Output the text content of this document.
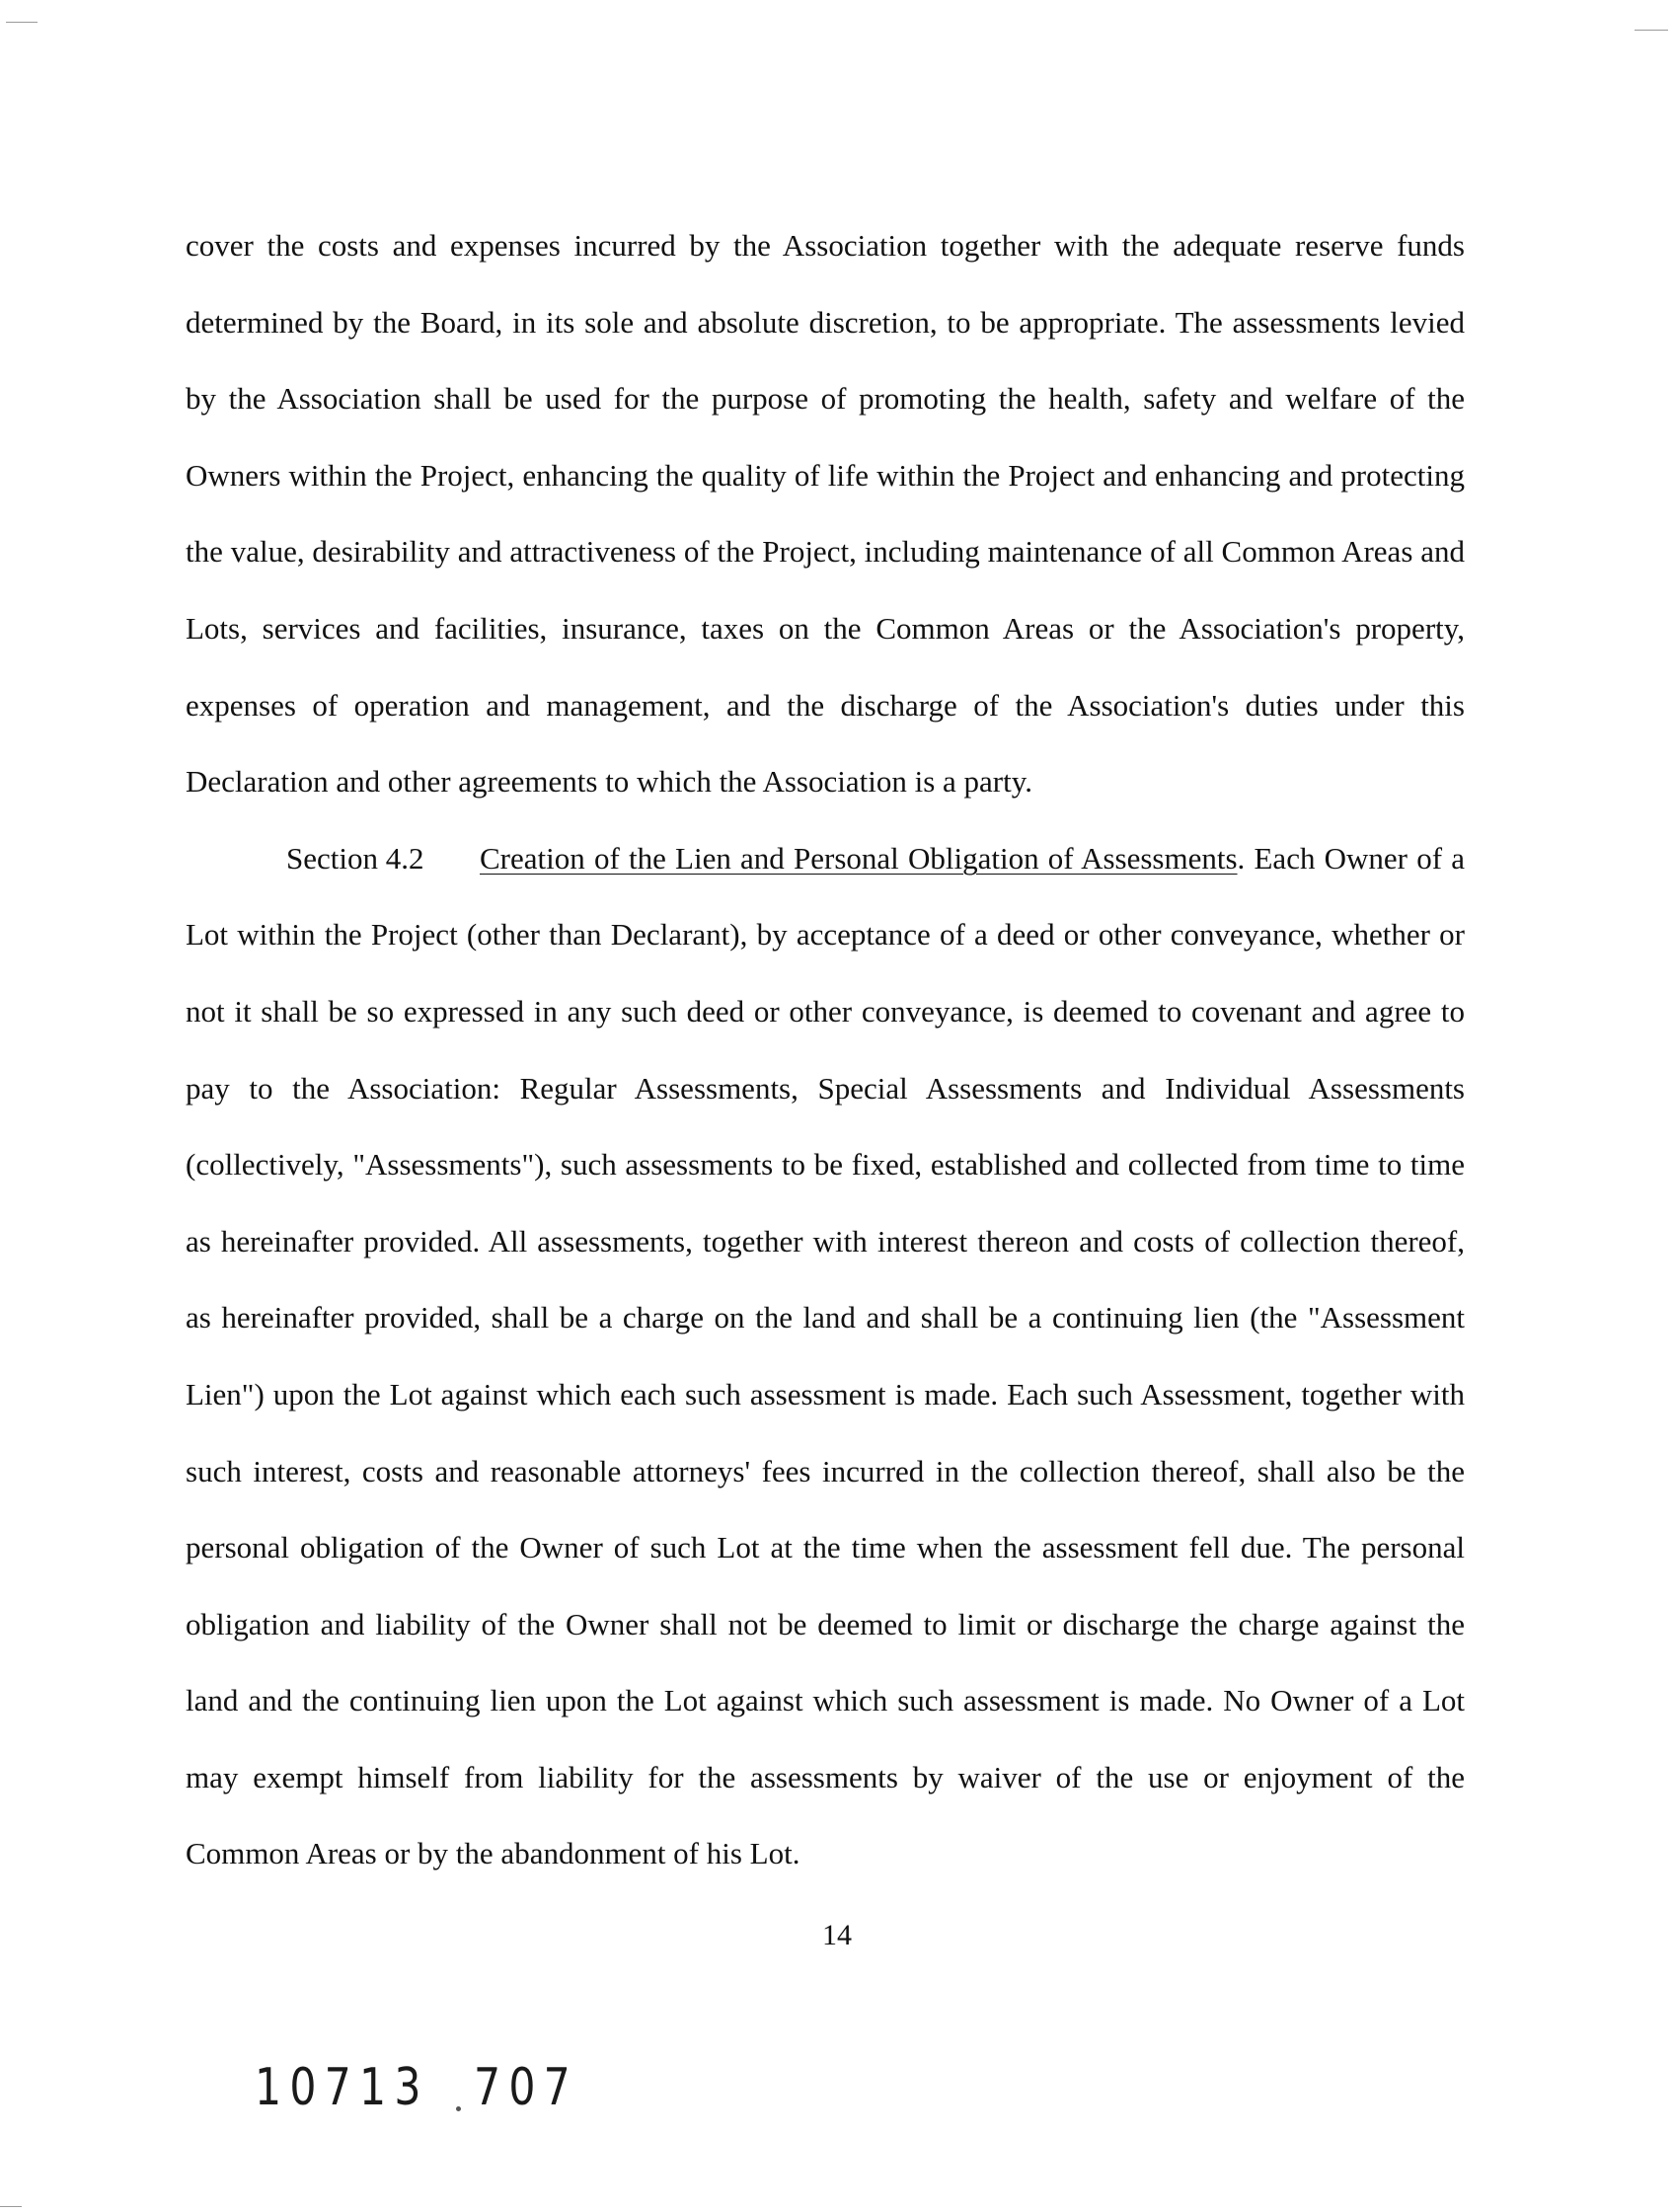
cover the costs and expenses incurred by the Association together with the adequate reserve funds determined by the Board, in its sole and absolute discretion, to be appropriate. The assessments levied by the Association shall be used for the purpose of promoting the health, safety and welfare of the Owners within the Project, enhancing the quality of life within the Project and enhancing and protecting the value, desirability and attractiveness of the Project, including maintenance of all Common Areas and Lots, services and facilities, insurance, taxes on the Common Areas or the Association's property, expenses of operation and management, and the discharge of the Association's duties under this Declaration and other agreements to which the Association is a party.

Section 4.2 Creation of the Lien and Personal Obligation of Assessments. Each Owner of a Lot within the Project (other than Declarant), by acceptance of a deed or other conveyance, whether or not it shall be so expressed in any such deed or other conveyance, is deemed to covenant and agree to pay to the Association: Regular Assessments, Special Assessments and Individual Assessments (collectively, "Assessments"), such assessments to be fixed, established and collected from time to time as hereinafter provided. All assessments, together with interest thereon and costs of collection thereof, as hereinafter provided, shall be a charge on the land and shall be a continuing lien (the "Assessment Lien") upon the Lot against which each such assessment is made. Each such Assessment, together with such interest, costs and reasonable attorneys' fees incurred in the collection thereof, shall also be the personal obligation of the Owner of such Lot at the time when the assessment fell due. The personal obligation and liability of the Owner shall not be deemed to limit or discharge the charge against the land and the continuing lien upon the Lot against which such assessment is made. No Owner of a Lot may exempt himself from liability for the assessments by waiver of the use or enjoyment of the Common Areas or by the abandonment of his Lot.

14
10713 707
